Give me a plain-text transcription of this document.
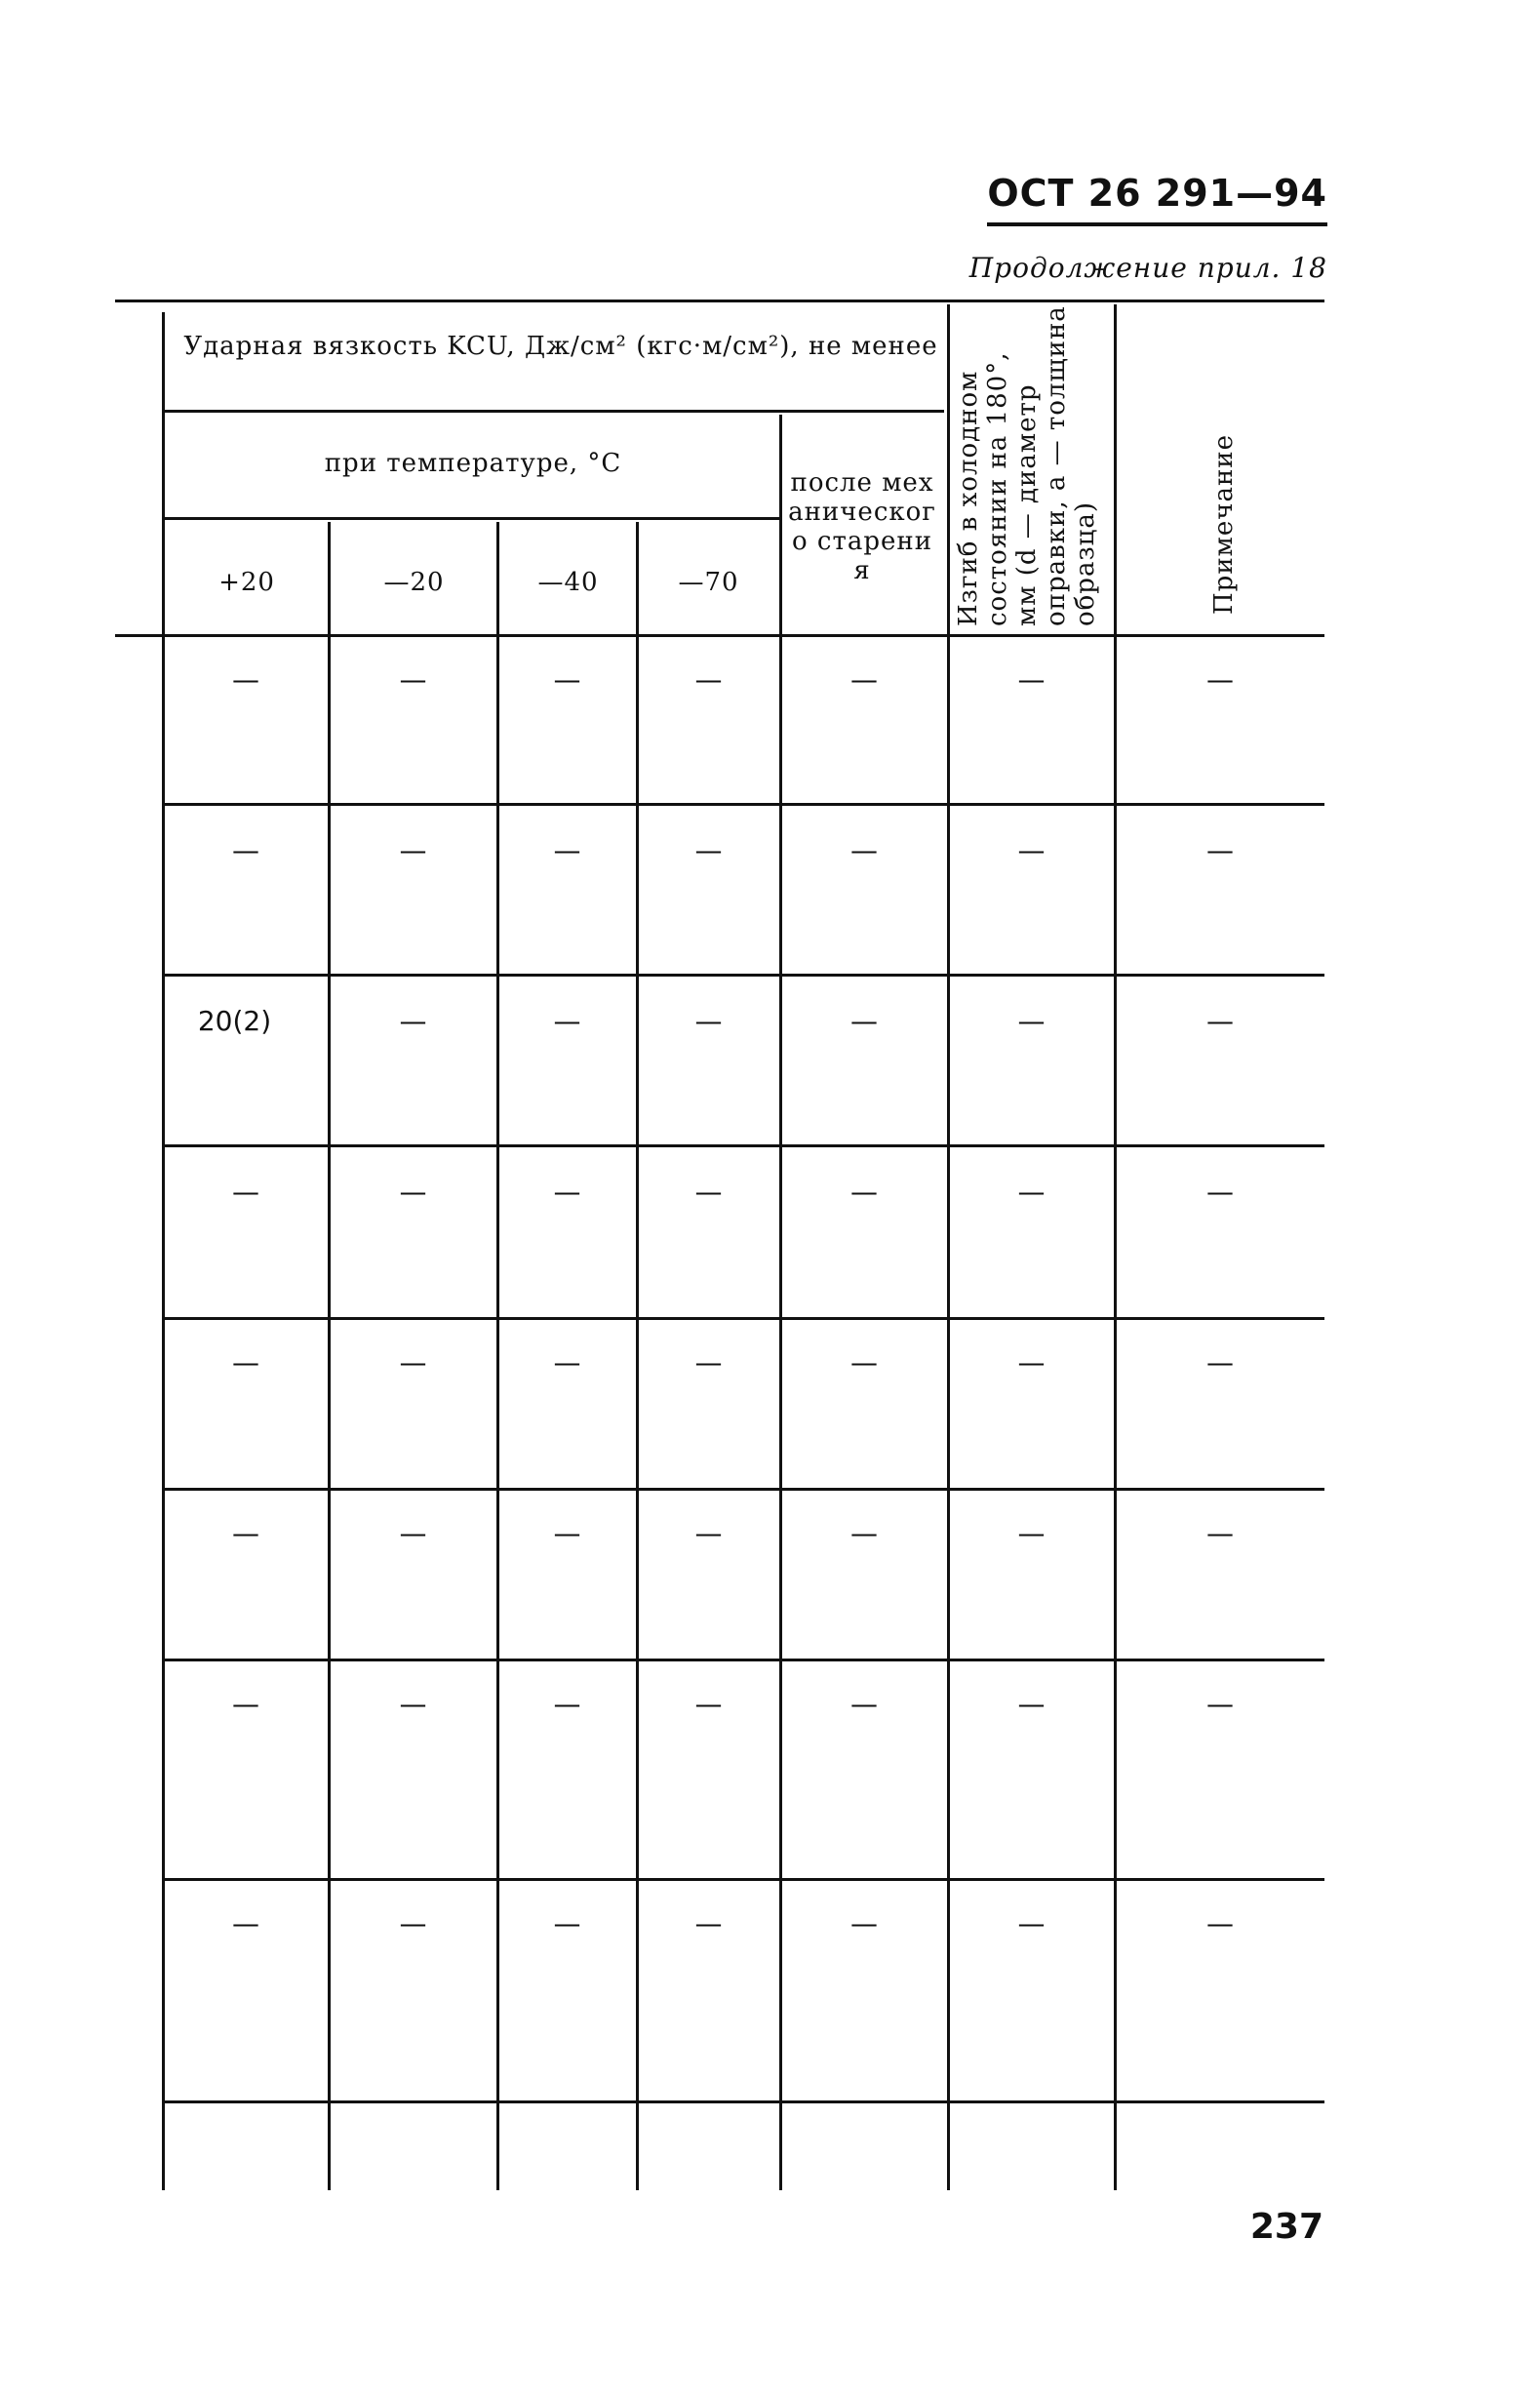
ОСТ 26 291—94
Продолжение прил. 18
Ударная вязкость KCU, Дж/см² (кгс·м/см²), не менее
при температуре, °C
+20	—20	—40	—70
после механического старения	Изгиб в холодном состоянии на 180°, мм (d — диаметр оправки, a — толщина образца)	Примечание
—	—	—	—	—	—	—
—	—	—	—	—	—	—
20(2)	—	—	—	—	—	—
—	—	—	—	—	—	—
—	—	—	—	—	—	—
—	—	—	—	—	—	—
—	—	—	—	—	—	—
—	—	—	—	—	—	—
237
